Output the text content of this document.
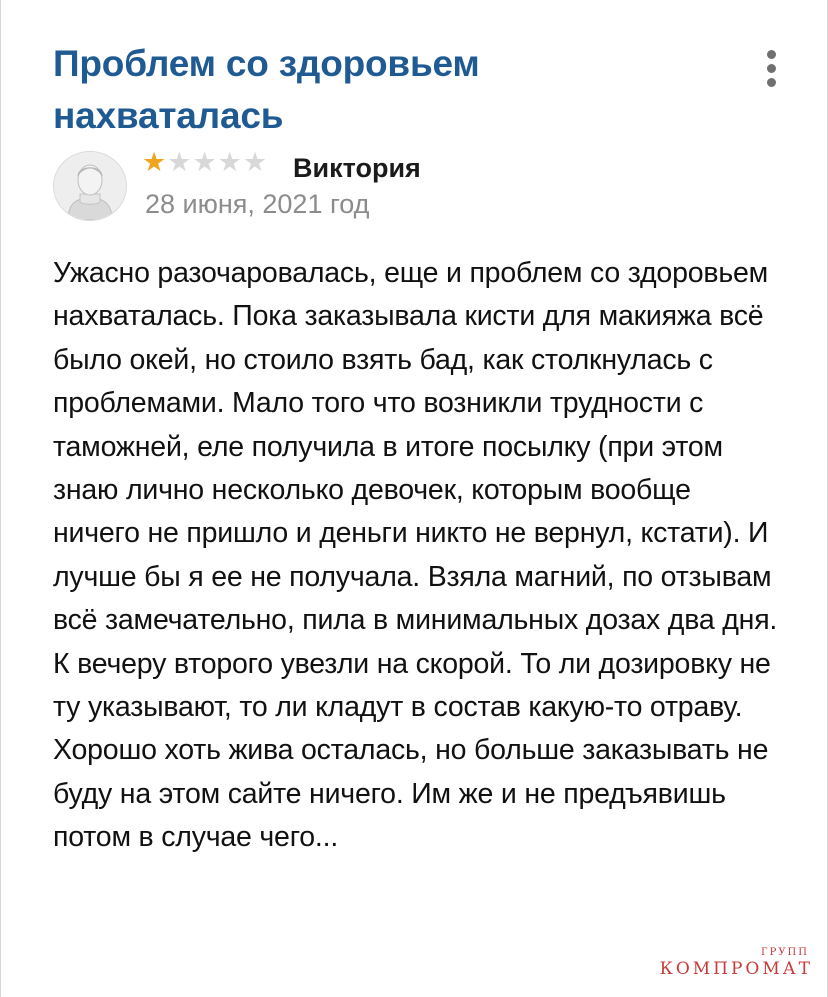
Проблем со здоровьем нахваталась
★ ★ ★ ★ ★ Виктория
28 июня, 2021 год

Ужасно разочаровалась, еще и проблем со здоровьем нахваталась. Пока заказывала кисти для макияжа всё было окей, но стоило взять бад, как столкнулась с проблемами. Мало того что возникли трудности с таможней, еле получила в итоге посылку (при этом знаю лично несколько девочек, которым вообще ничего не пришло и деньги никто не вернул, кстати). И лучше бы я ее не получала. Взяла магний, по отзывам всё замечательно, пила в минимальных дозах два дня. К вечеру второго увезли на скорой. То ли дозировку не ту указывают, то ли кладут в состав какую-то отраву. Хорошо хоть жива осталась, но больше заказывать не буду на этом сайте ничего. Им же и не предъявишь потом в случае чего...

ГРУПП
КОМПРОМАТ
